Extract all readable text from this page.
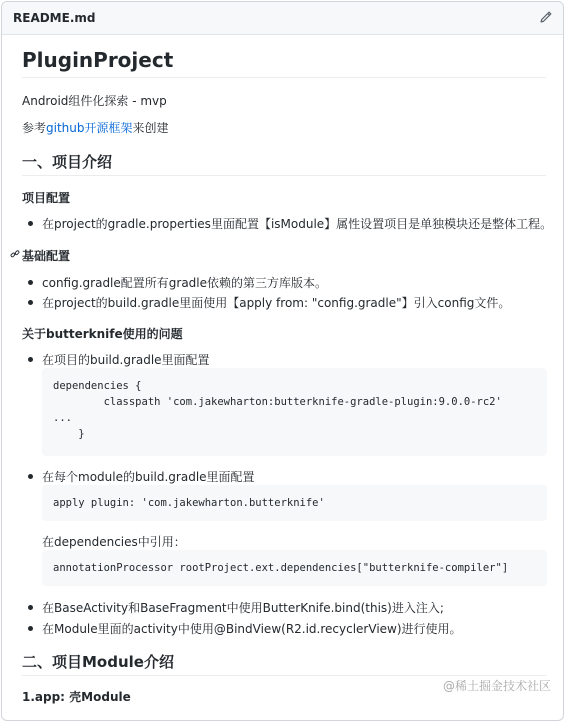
README.md
PluginProject
Android组件化探索 - mvp
参考github开源框架来创建
一、项目介绍
项目配置
在project的gradle.properties里面配置【isModule】属性设置项目是单独模块还是整体工程。
基础配置
config.gradle配置所有gradle依赖的第三方库版本。
在project的build.gradle里面使用【apply from: "config.gradle"】引入config文件。
关于butterknife使用的问题
在项目的build.gradle里面配置
dependencies {
classpath 'com.jakewharton:butterknife-gradle-plugin:9.0.0-rc2'
...
}
在每个module的build.gradle里面配置
apply plugin: 'com.jakewharton.butterknife'
在dependencies中引用：
annotationProcessor rootProject.ext.dependencies["butterknife-compiler"]
在BaseActivity和BaseFragment中使用ButterKnife.bind(this)进入注入;
在Module里面的activity中使用@BindView(R2.id.recyclerView)进行使用。
二、项目Module介绍
1.app: 壳Module
@稀土掘金技术社区
